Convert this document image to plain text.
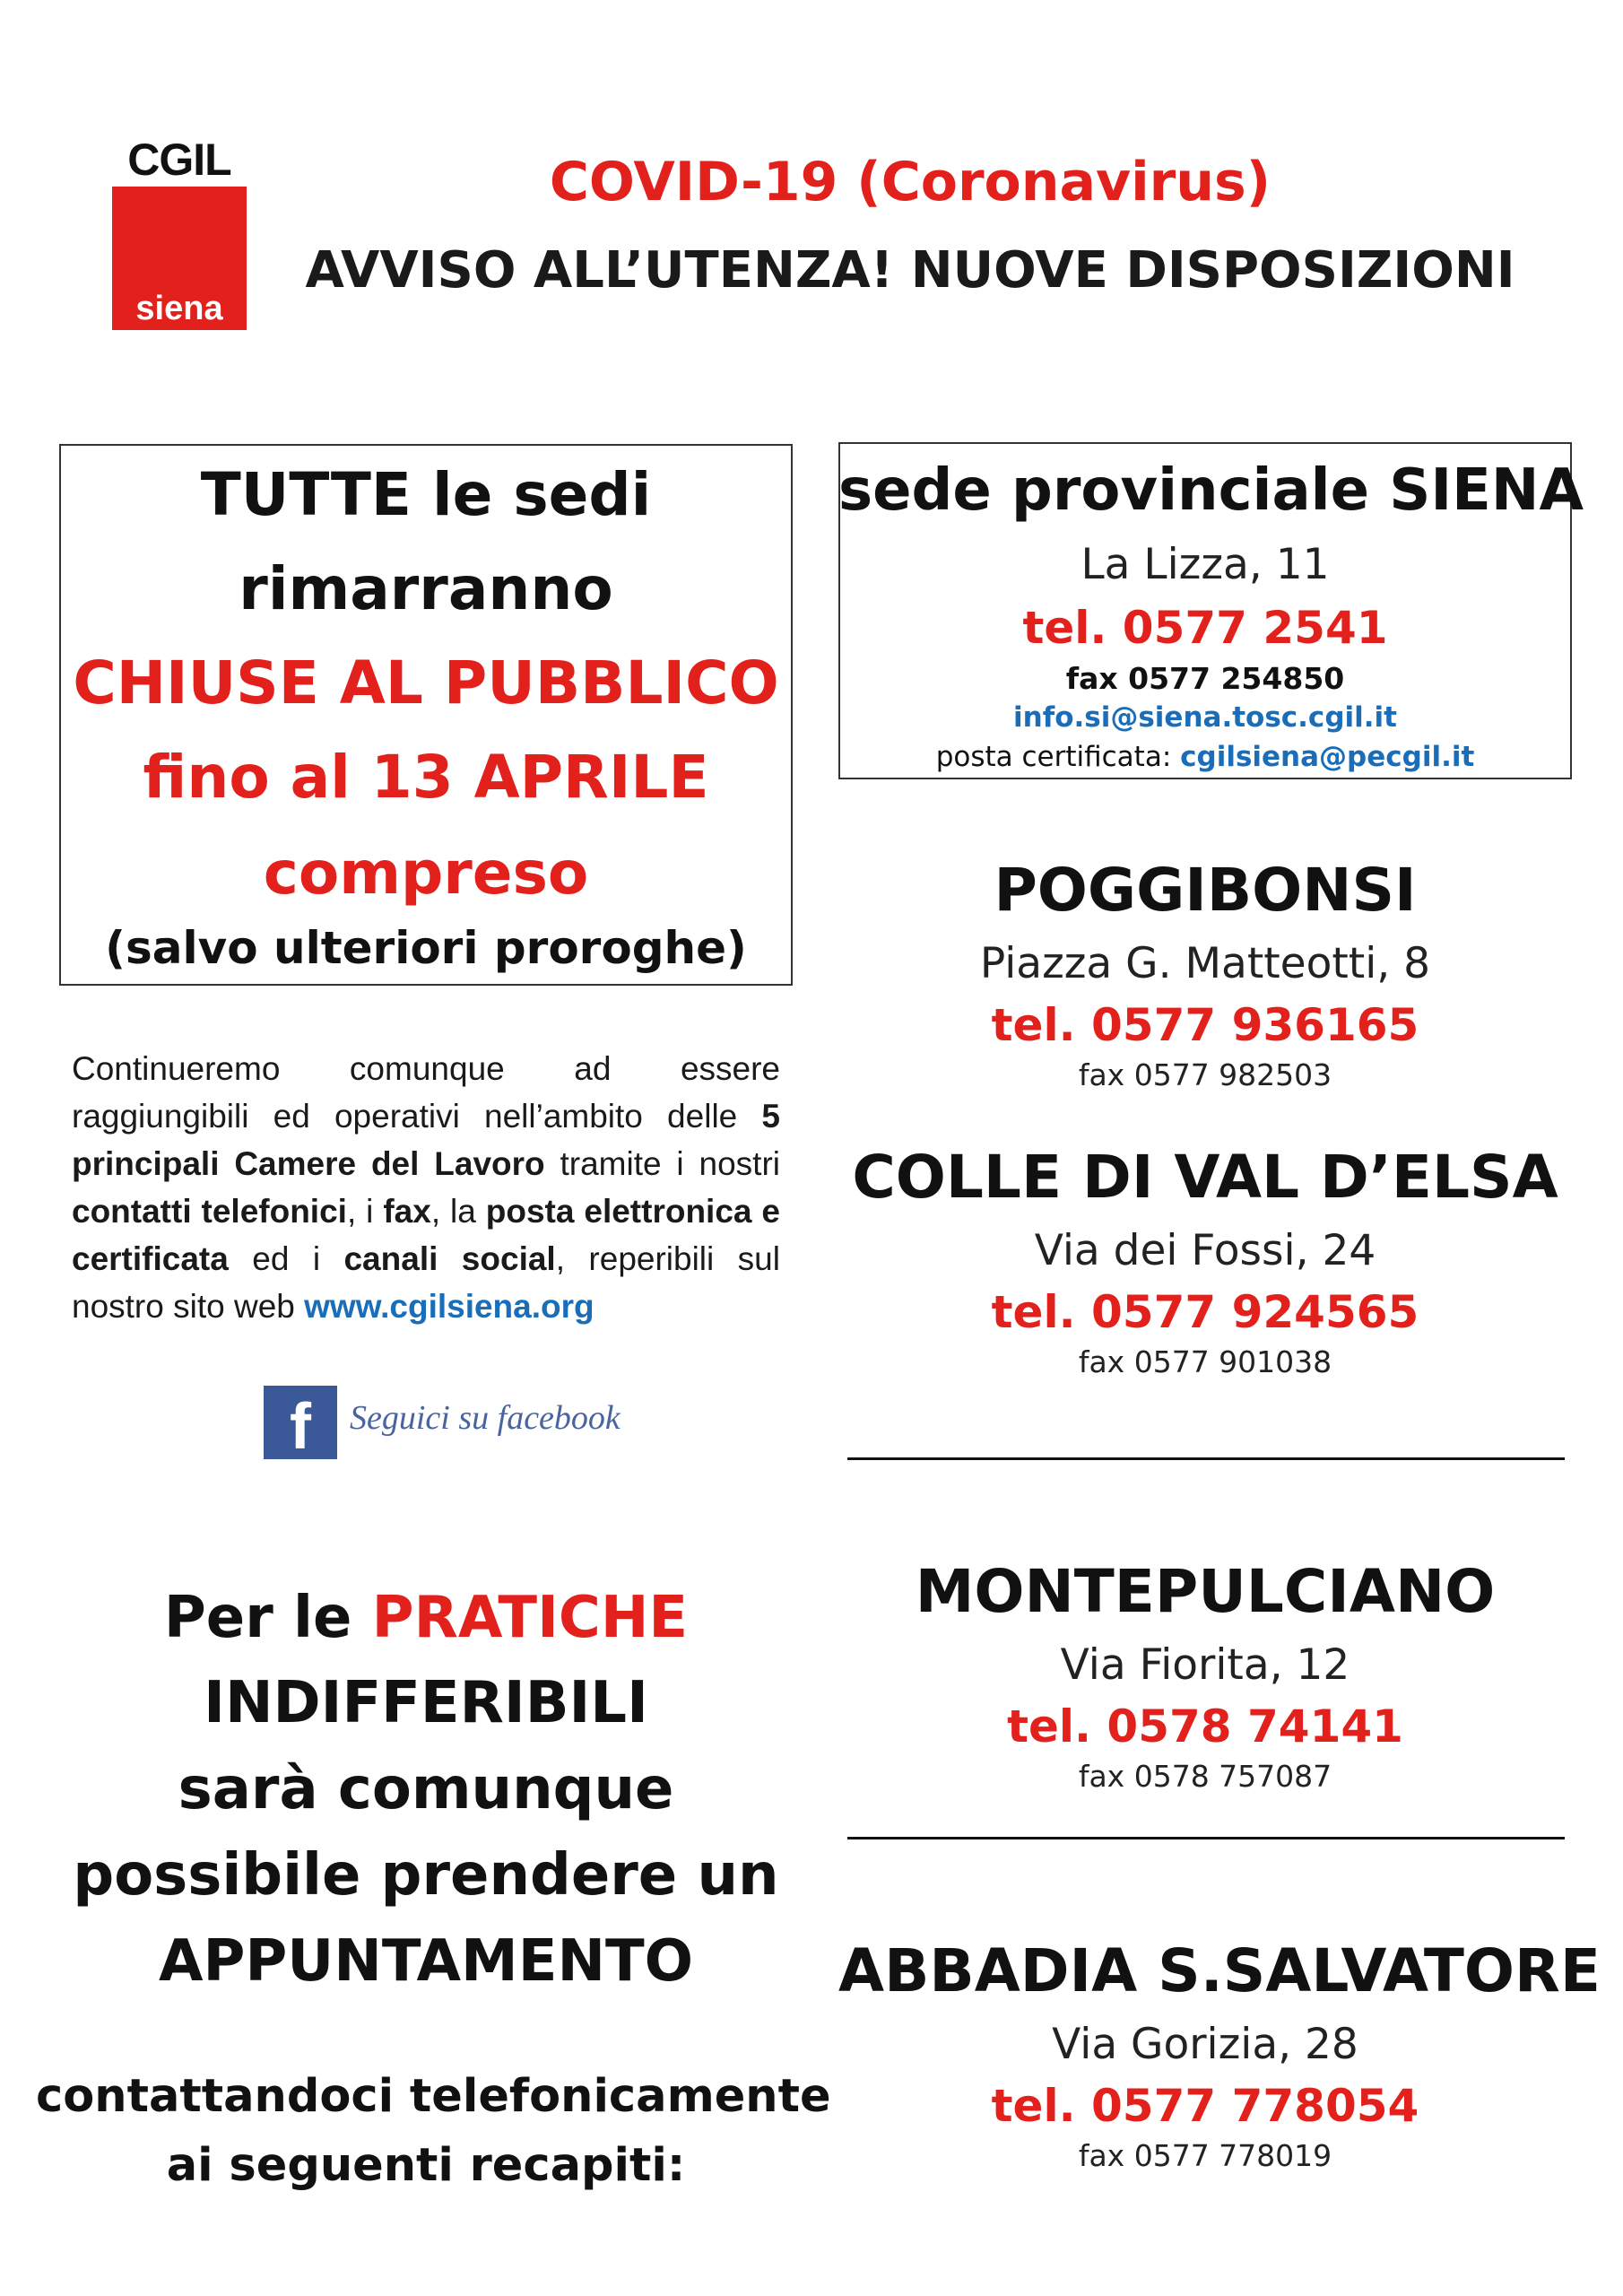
CGIL
siena
COVID-19 (Coronavirus)
AVVISO ALL’UTENZA! NUOVE DISPOSIZIONI
TUTTE le sedi
rimarranno
CHIUSE AL PUBBLICO
fino al 13 APRILE
compreso
(salvo ulteriori proroghe)
Continueremo comunque ad essere raggiungibili ed operativi nell’ambito delle 5 principali Camere del Lavoro tramite i nostri contatti telefonici, i fax, la posta elettronica e certificata ed i canali social, reperibili sul nostro sito web www.cgilsiena.org
f	Seguici su facebook
Per le PRATICHE
INDIFFERIBILI
sarà comunque
possibile prendere un
APPUNTAMENTO
contattandoci telefonicamente
ai seguenti recapiti:
sede provinciale SIENA
La Lizza, 11
tel. 0577 2541
fax 0577 254850
info.si@siena.tosc.cgil.it
posta certificata: cgilsiena@pecgil.it
POGGIBONSI
Piazza G. Matteotti, 8
tel. 0577 936165
fax 0577 982503
COLLE DI VAL D’ELSA
Via dei Fossi, 24
tel. 0577 924565
fax 0577 901038
MONTEPULCIANO
Via Fiorita, 12
tel. 0578 74141
fax 0578 757087
ABBADIA S.SALVATORE
Via Gorizia, 28
tel. 0577 778054
fax 0577 778019
